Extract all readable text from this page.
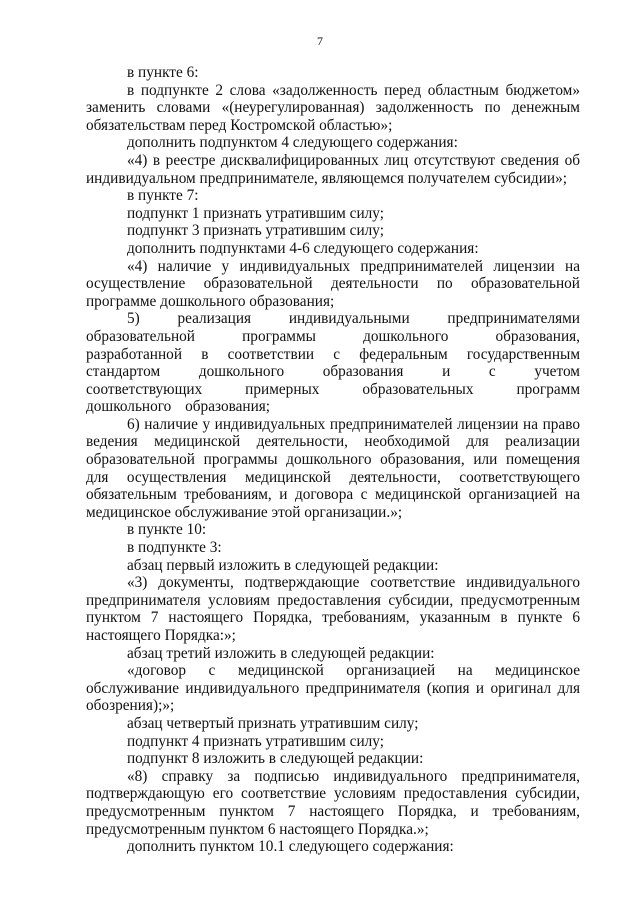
7

в пункте 6:

в подпункте 2 слова «задолженность перед областным бюджетом» заменить словами «(неурегулированная) задолженность по денежным обязательствам перед Костромской областью»;

дополнить подпунктом 4 следующего содержания:

«4) в реестре дисквалифицированных лиц отсутствуют сведения об индивидуальном предпринимателе, являющемся получателем субсидии»;

в пункте 7:

подпункт 1 признать утратившим силу;

подпункт 3 признать утратившим силу;

дополнить подпунктами 4-6 следующего содержания:

«4) наличие у индивидуальных предпринимателей лицензии на осуществление образовательной деятельности по образовательной программе дошкольного образования;

5) реализация индивидуальными предпринимателями образовательной программы дошкольного образования, разработанной в соответствии с федеральным государственным стандартом дошкольного образования и с учетом соответствующих примерных образовательных программ дошкольного образования;

6) наличие у индивидуальных предпринимателей лицензии на право ведения медицинской деятельности, необходимой для реализации образовательной программы дошкольного образования, или помещения для осуществления медицинской деятельности, соответствующего обязательным требованиям, и договора с медицинской организацией на медицинское обслуживание этой организации.»;

в пункте 10:

в подпункте 3:

абзац первый изложить в следующей редакции:

«3) документы, подтверждающие соответствие индивидуального предпринимателя условиям предоставления субсидии, предусмотренным пунктом 7 настоящего Порядка, требованиям, указанным в пункте 6 настоящего Порядка:»;

абзац третий изложить в следующей редакции:

«договор с медицинской организацией на медицинское обслуживание индивидуального предпринимателя (копия и оригинал для обозрения);»;

абзац четвертый признать утратившим силу;

подпункт 4 признать утратившим силу;

подпункт 8 изложить в следующей редакции:

«8) справку за подписью индивидуального предпринимателя, подтверждающую его соответствие условиям предоставления субсидии, предусмотренным пунктом 7 настоящего Порядка, и требованиям, предусмотренным пунктом 6 настоящего Порядка.»;

дополнить пунктом 10.1 следующего содержания:
